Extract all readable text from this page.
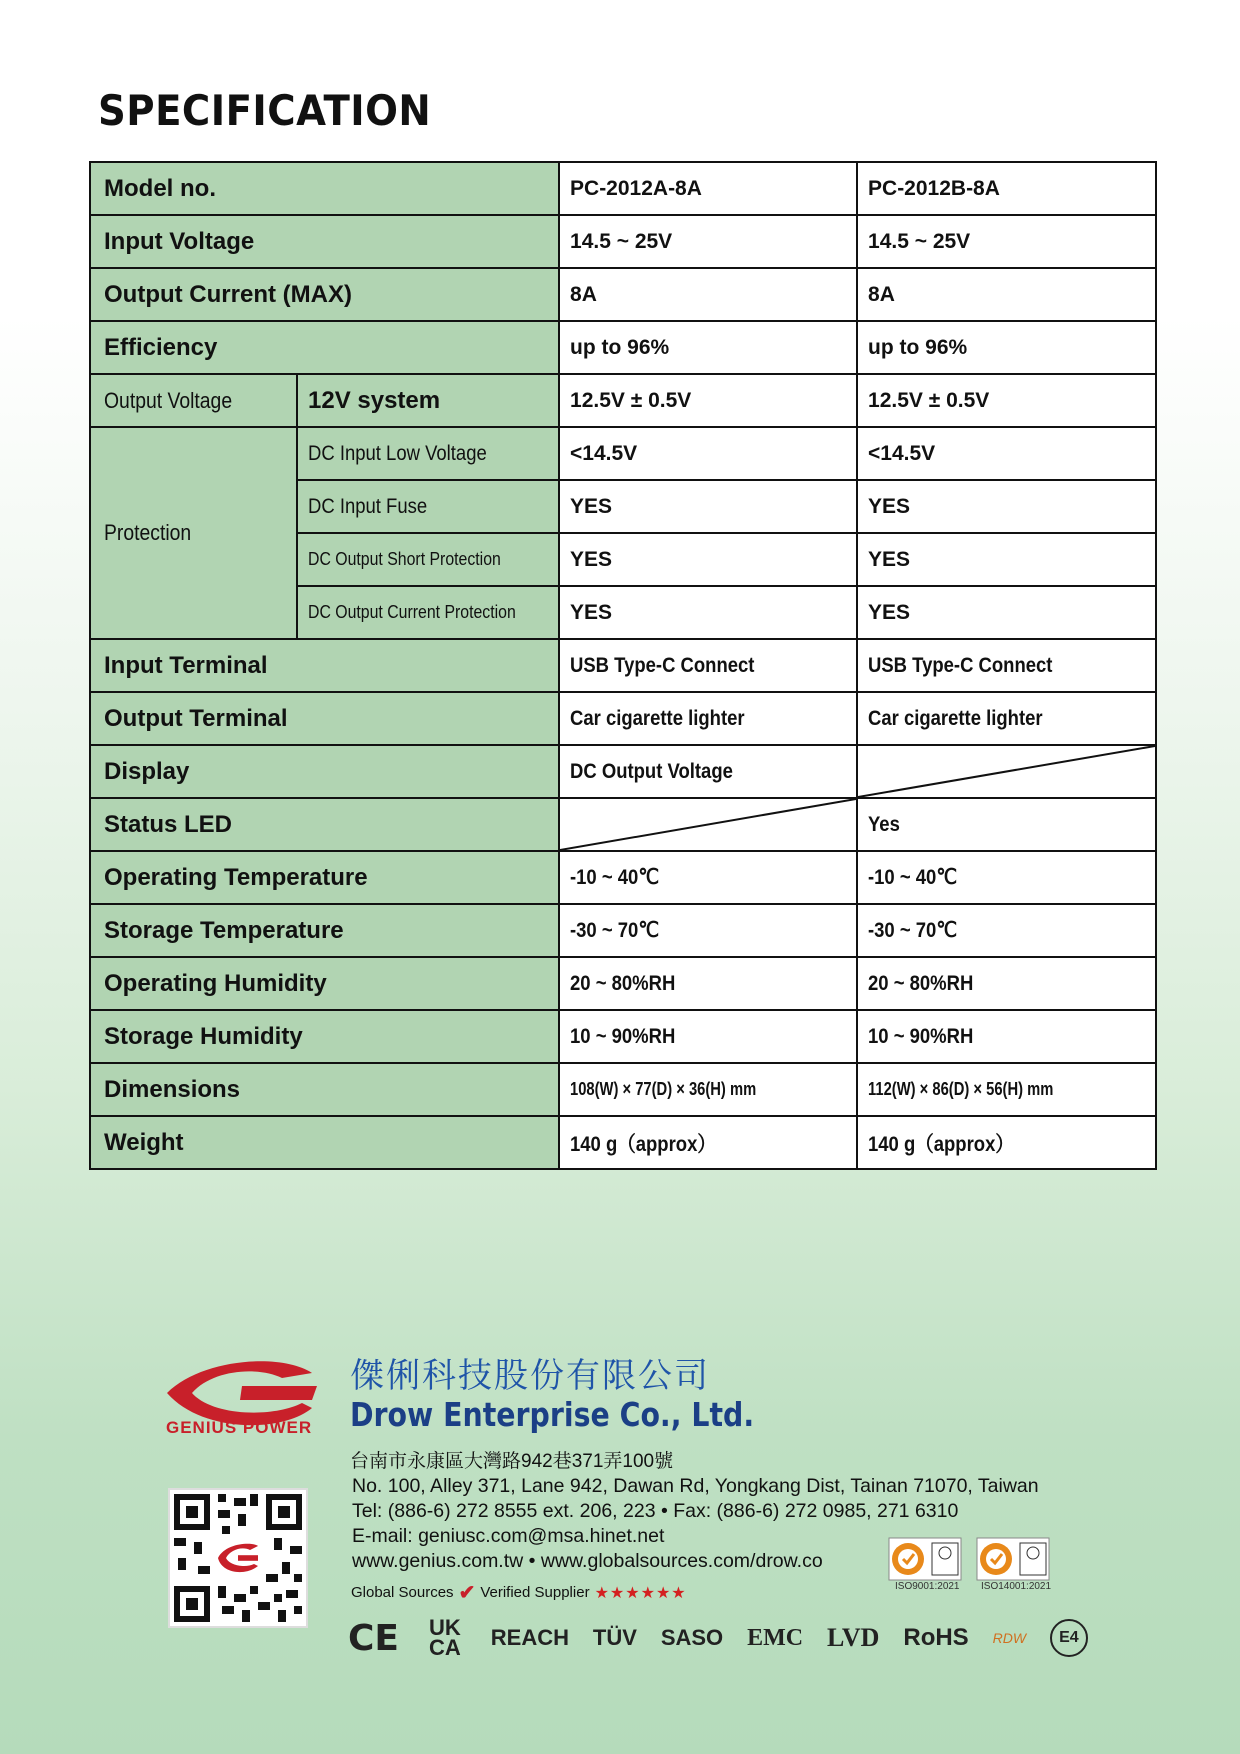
SPECIFICATION
Model no.		PC-2012A-8A	PC-2012B-8A
Input Voltage		14.5 ~ 25V	14.5 ~ 25V
Output Current (MAX)		8A	8A
Efficiency		up to 96%	up to 96%
Output Voltage	12V system	12.5V ± 0.5V	12.5V ± 0.5V
Protection	DC Input Low Voltage	<14.5V	<14.5V
	DC Input Fuse	YES	YES
	DC Output Short Protection	YES	YES
	DC Output Current Protection	YES	YES
Input Terminal		USB Type-C Connect	USB Type-C Connect
Output Terminal		Car cigarette lighter	Car cigarette lighter
Display		DC Output Voltage	

Status LED			Yes
Operating Temperature		-10 ~ 40℃	-10 ~ 40℃
Storage Temperature		-30 ~ 70℃	-30 ~ 70℃
Operating Humidity		20 ~ 80%RH	20 ~ 80%RH
Storage Humidity		10 ~ 90%RH	10 ~ 90%RH
Dimensions		108(W) × 77(D) × 36(H) mm	112(W) × 86(D) × 56(H) mm
Weight		140 g（approx）	140 g（approx）
GENIUS POWER
傑俐科技股份有限公司
Drow Enterprise Co., Ltd.
台南市永康區大灣路942巷371弄100號
No. 100, Alley 371, Lane 942, Dawan Rd, Yongkang Dist, Tainan 71070, Taiwan
Tel: (886-6) 272 8555 ext. 206, 223 • Fax: (886-6) 272 0985, 271 6310
E-mail: geniusc.com@msa.hinet.net
www.genius.com.tw • www.globalsources.com/drow.co
Global Sources ✔ Verified Supplier ★★★★★★	ISO9001:2021 ISO14001:2021
CE UK CA REACH TÜV SASO EMC LVD RoHS RDW	E4
